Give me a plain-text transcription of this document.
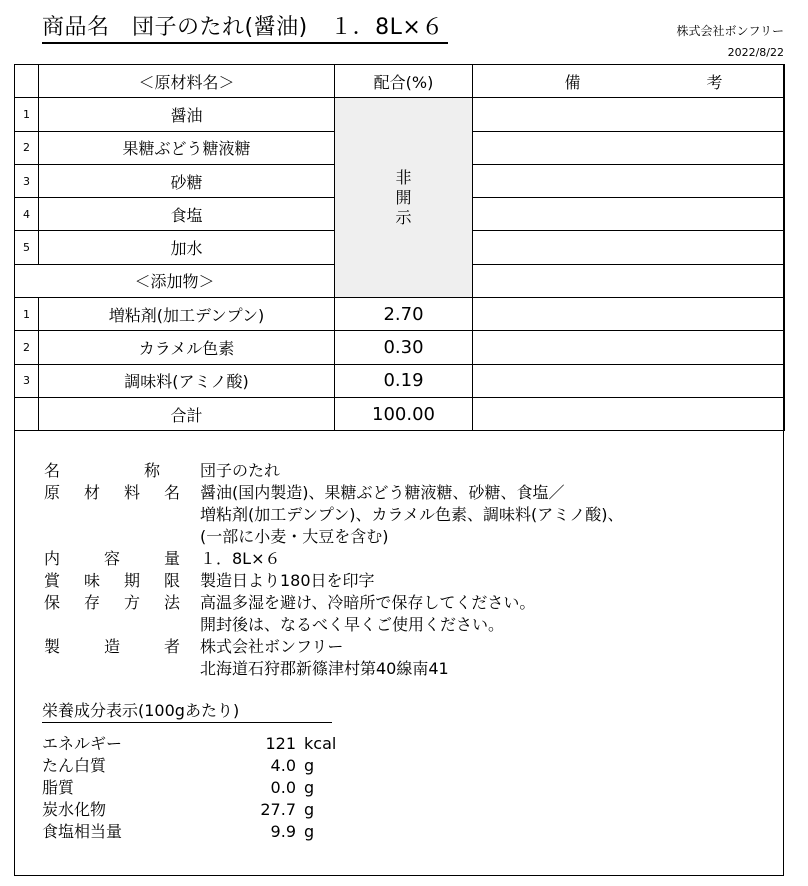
商品名　団子のたれ(醤油)　１．8L×６	株式会社ボンフリー
2022/8/22
	＜原材料名＞	配合(%)	備 考
1	醤油	非開示	
2	果糖ぶどう糖液糖		
3	砂糖		
4	食塩		
5	加水		
＜添加物＞			
1	増粘剤(加工デンプン)	2.70	
2	カラメル色素	0.30	
3	調味料(アミノ酸)	0.19	
	合計	100.00	
名	称	団子のたれ
原 材 料 名 醤油(国内製造)、果糖ぶどう糖液糖、砂糖、食塩／
増粘剤(加工デンプン)、カラメル色素、調味料(アミノ酸)、
(一部に小麦・大豆を含む)
内	容	量 １．8L×６
賞 味 期 限 製造日より180日を印字
保 存 方 法 高温多湿を避け、冷暗所で保存してください。
開封後は、なるべく早くご使用ください。
製	造	者 株式会社ボンフリー
北海道石狩郡新篠津村第40線南41
栄養成分表示(100gあたり)
エネルギー	121 kcal
たん白質	4.0 g
脂質	0.0 g
炭水化物	27.7 g
食塩相当量	9.9 g
